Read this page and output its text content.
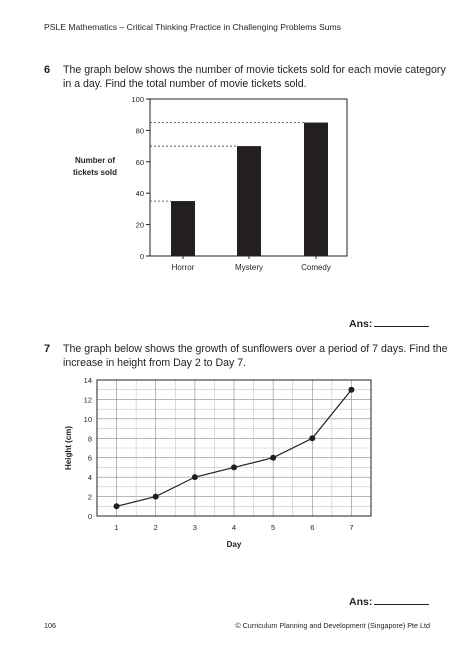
PSLE Mathematics – Critical Thinking Practice in Challenging Problems Sums
6 The graph below shows the number of movie tickets sold for each movie category
in a day. Find the total number of movie tickets sold.
0
20
40
60
80
100
Number of
tickets sold
Horror	Mystery	Comedy
Ans:
7 The graph below shows the growth of sunflowers over a period of 7 days. Find the
increase in height from Day 2 to Day 7.
0
2
4
6
8
10
12
14
1	2	3	4	5	6	7
Day
Height (cm)
Ans:
106	© Curriculum Planning and Development (Singapore) Pte Ltd
